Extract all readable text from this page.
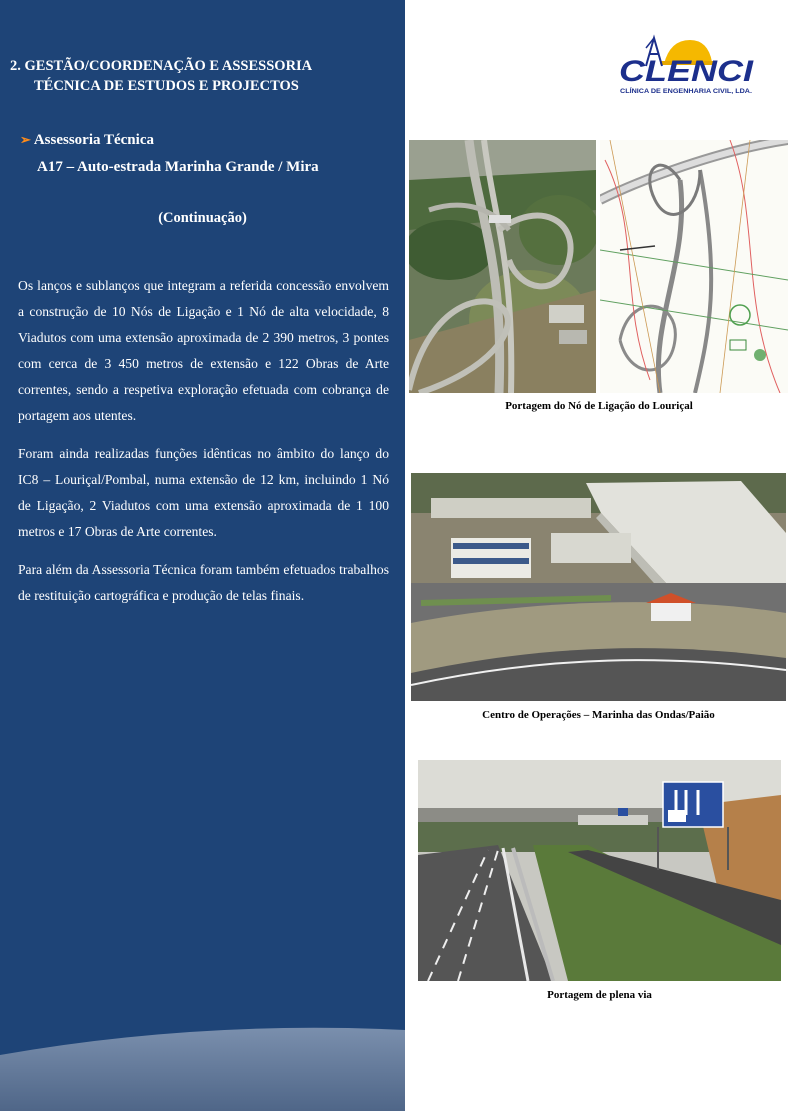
2. GESTÃO/COORDENAÇÃO E ASSESSORIA
TÉCNICA DE ESTUDOS E PROJECTOS
➢ Assessoria Técnica
A17 – Auto-estrada Marinha Grande / Mira
(Continuação)

Os lanços e sublanços que integram a referida concessão envolvem a construção de 10 Nós de Ligação e 1 Nó de alta velocidade, 8 Viadutos com uma extensão aproximada de 2 390 metros, 3 pontes com cerca de 3 450 metros de extensão e 122 Obras de Arte correntes, sendo a respetiva exploração efetuada com cobrança de portagem aos utentes.

Foram ainda realizadas funções idênticas no âmbito do lanço do IC8 – Louriçal/Pombal, numa extensão de 12 km, incluindo 1 Nó de Ligação, 2 Viadutos com uma extensão aproximada de 1 100 metros e 17 Obras de Arte correntes.

Para além da Assessoria Técnica foram também efetuados trabalhos de restituição cartográfica e produção de telas finais.

CLENCI
CLÍNICA DE ENGENHARIA CIVIL, LDA.
Portagem do Nó de Ligação do Louriçal
Centro de Operações – Marinha das Ondas/Paião
Portagem de plena via
